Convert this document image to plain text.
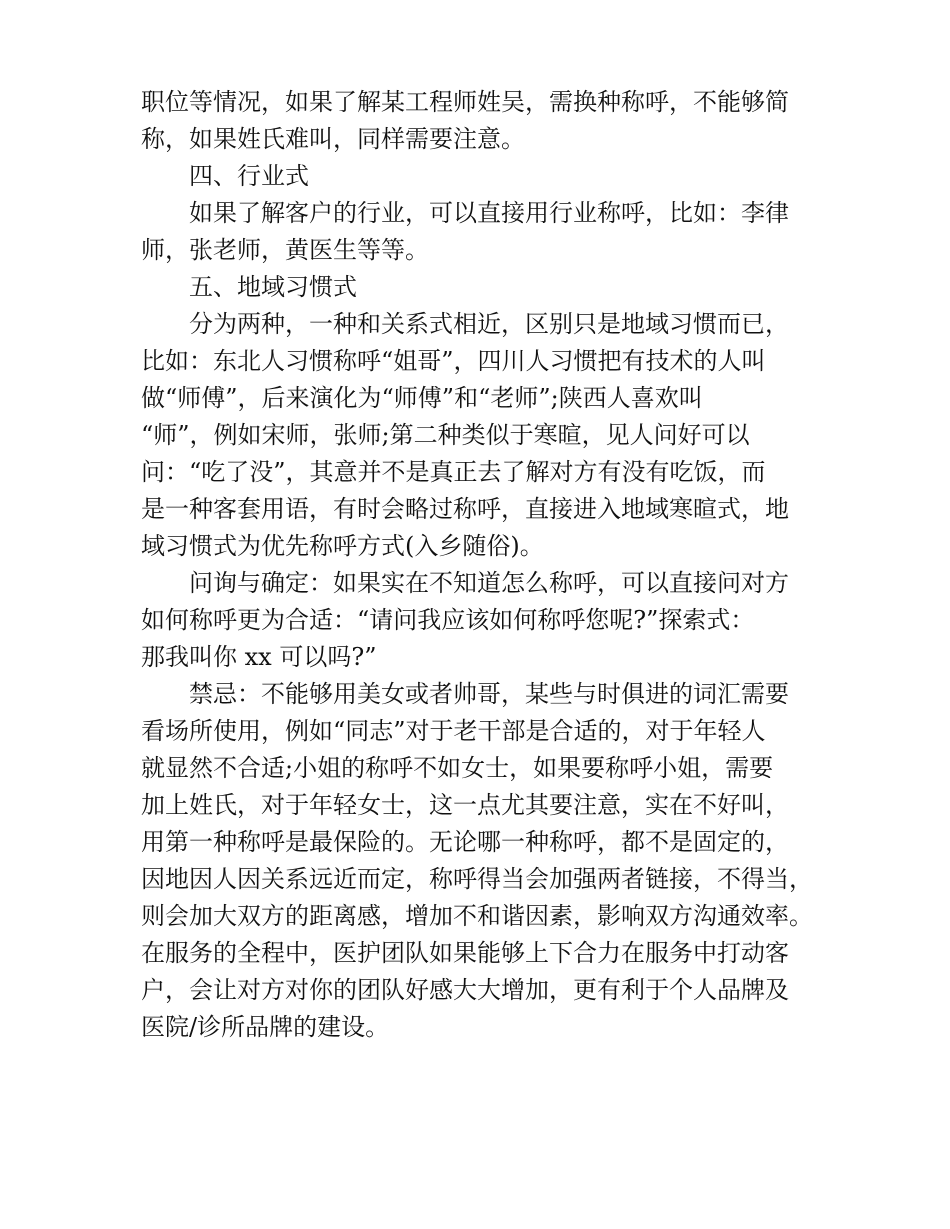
职位等情况，如果了解某工程师姓吴，需换种称呼，不能够简
称，如果姓氏难叫，同样需要注意。
四、行业式
如果了解客户的行业，可以直接用行业称呼，比如：李律
师，张老师，黄医生等等。
五、地域习惯式
分为两种，一种和关系式相近，区别只是地域习惯而已，
比如：东北人习惯称呼“姐哥”，四川人习惯把有技术的人叫
做“师傅”，后来演化为“师傅”和“老师”;陕西人喜欢叫
“师”，例如宋师，张师;第二种类似于寒暄，见人问好可以
问：“吃了没”，其意并不是真正去了解对方有没有吃饭，而
是一种客套用语，有时会略过称呼，直接进入地域寒暄式，地
域习惯式为优先称呼方式(入乡随俗)。
问询与确定：如果实在不知道怎么称呼，可以直接问对方
如何称呼更为合适：“请问我应该如何称呼您呢?”探索式：
那我叫你 xx 可以吗?”
禁忌：不能够用美女或者帅哥，某些与时俱进的词汇需要
看场所使用，例如“同志”对于老干部是合适的，对于年轻人
就显然不合适;小姐的称呼不如女士，如果要称呼小姐，需要
加上姓氏，对于年轻女士，这一点尤其要注意，实在不好叫，
用第一种称呼是最保险的。无论哪一种称呼，都不是固定的，
因地因人因关系远近而定，称呼得当会加强两者链接，不得当，
则会加大双方的距离感，增加不和谐因素，影响双方沟通效率。
在服务的全程中，医护团队如果能够上下合力在服务中打动客
户，会让对方对你的团队好感大大增加，更有利于个人品牌及
医院/诊所品牌的建设。
